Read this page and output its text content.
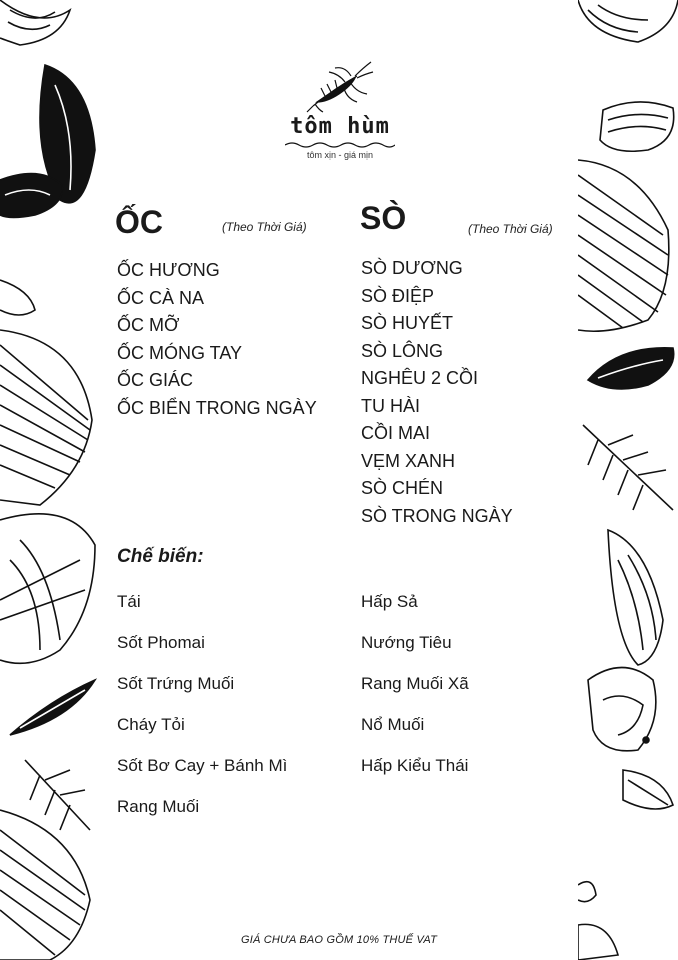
tôm hùm
tôm xịn - giá mịn
ỐC	(Theo Thời Giá)
ỐC HƯƠNG
ỐC CÀ NA
ỐC MỠ
ỐC MÓNG TAY
ỐC GIÁC
ỐC BIỂN TRONG NGÀY
SÒ	(Theo Thời Giá)
SÒ DƯƠNG
SÒ ĐIỆP
SÒ HUYẾT
SÒ LÔNG
NGHÊU 2 CỒI
TU HÀI
CỒI MAI
VẸM XANH
SÒ CHÉN
SÒ TRONG NGÀY
Chế biến:
Tái
Sốt Phomai
Sốt Trứng Muối
Cháy Tỏi
Sốt Bơ Cay + Bánh Mì
Rang Muối
Hấp Sả
Nướng Tiêu
Rang Muối Xã
Nổ Muối
Hấp Kiểu Thái
GIÁ CHƯA BAO GỒM 10% THUẾ VAT
